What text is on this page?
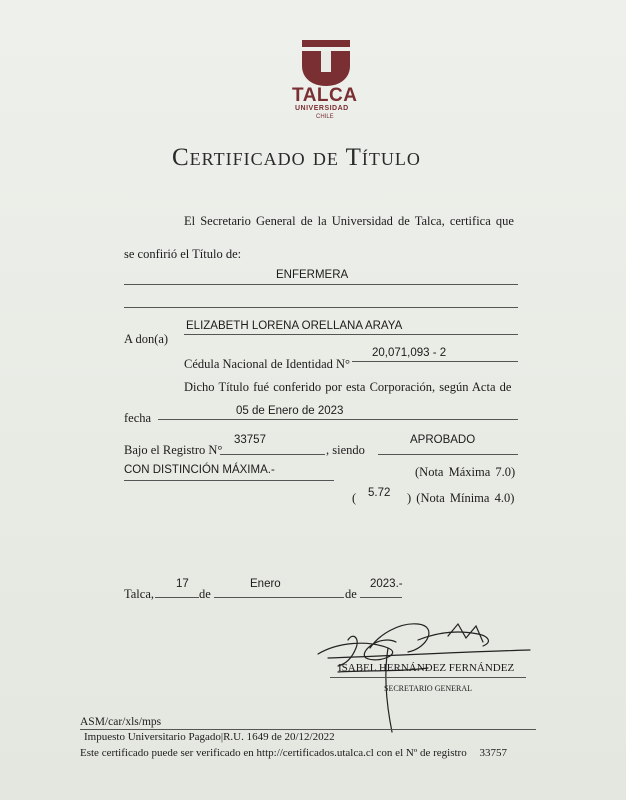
TALCA
UNIVERSIDAD
CHILE
Certificado de Título
El Secretario General de la Universidad de Talca, certifica que
se confirió el Título de:
ENFERMERA
A don(a)
ELIZABETH LORENA ORELLANA ARAYA
Cédula Nacional de Identidad N°
20,071,093 - 2
Dicho Título fué conferido por esta Corporación, según Acta de
fecha	05 de Enero de 2023
Bajo el Registro N°
33757
, siendo
APROBADO
CON DISTINCIÓN MÁXIMA.-	(Nota Máxima 7.0)
( 5.72 ) (Nota Mínima 4.0)
Talca,
17
de
Enero
de
2023.-
ISABEL HERNÁNDEZ FERNÁNDEZ
SECRETARIO GENERAL
ASM/car/xls/mps
Impuesto Universitario Pagado|R.U. 1649 de 20/12/2022
Este certificado puede ser verificado en http://certificados.utalca.cl con el Nº de registro 33757
